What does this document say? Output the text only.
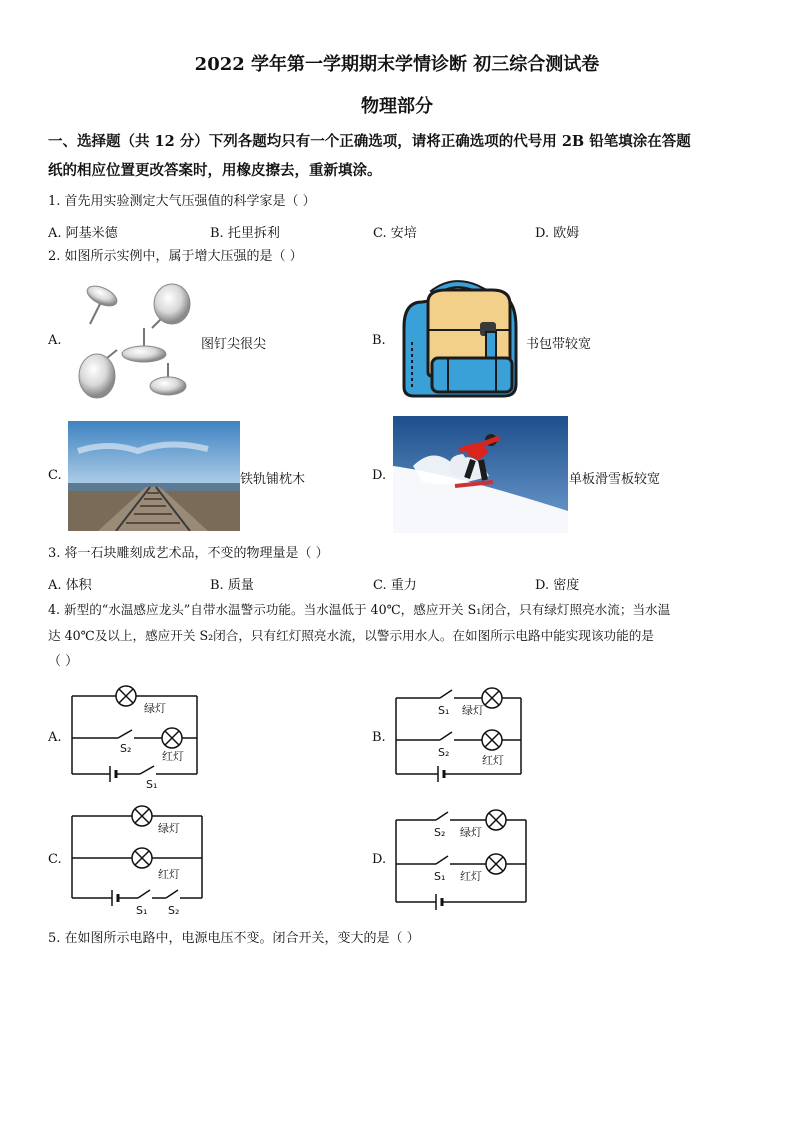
2022 学年第一学期期末学情诊断 初三综合测试卷
物理部分
一、选择题（共 12 分）下列各题均只有一个正确选项，请将正确选项的代号用 2B 铅笔填涂在答题
纸的相应位置更改答案时，用橡皮擦去，重新填涂。
1. 首先用实验测定大气压强值的科学家是（ ）
A. 阿基米德	B. 托里拆利	C. 安培	D. 欧姆
2. 如图所示实例中，属于增大压强的是（ ）
A.	图钉尖很尖	B.	书包带较宽
C.	铁轨铺枕木	D.	单板滑雪板较宽
3. 将一石块雕刻成艺术品，不变的物理量是（ ）
A. 体积	B. 质量	C. 重力	D. 密度
4. 新型的“水温感应龙头”自带水温警示功能。当水温低于 40℃，感应开关 S₁闭合，只有绿灯照亮水流；当水温
达 40℃及以上，感应开关 S₂闭合，只有红灯照亮水流，以警示用水人。在如图所示电路中能实现该功能的是
（ ）
A.
绿灯
红灯
S₂
S₁
B.
S₁ 绿灯
S₂
红灯
C.
绿灯
红灯
S₁ S₂
D.
S₂ 绿灯
S₁ 红灯
5. 在如图所示电路中，电源电压不变。闭合开关，变大的是（ ）
